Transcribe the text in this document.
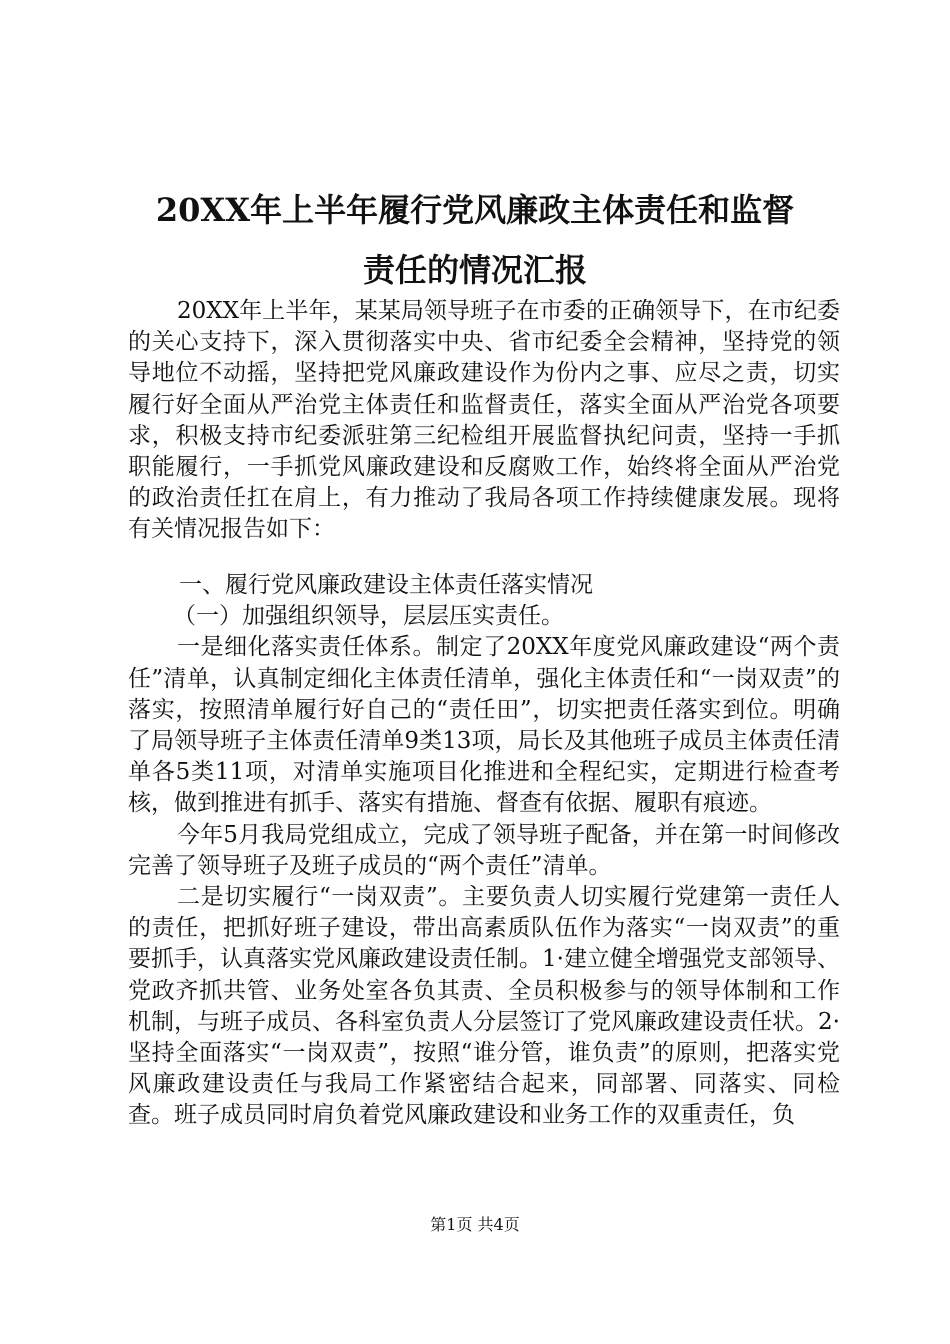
20XX年上半年履行党风廉政主体责任和监督
责任的情况汇报

20XX年上半年，某某局领导班子在市委的正确领导下，在市纪委的关心支持下，深入贯彻落实中央、省市纪委全会精神，坚持党的领导地位不动摇，坚持把党风廉政建设作为份内之事、应尽之责，切实履行好全面从严治党主体责任和监督责任，落实全面从严治党各项要求，积极支持市纪委派驻第三纪检组开展监督执纪问责，坚持一手抓职能履行，一手抓党风廉政建设和反腐败工作，始终将全面从严治党的政治责任扛在肩上，有力推动了我局各项工作持续健康发展。现将有关情况报告如下：

一、履行党风廉政建设主体责任落实情况

（一）加强组织领导，层层压实责任。

一是细化落实责任体系。制定了20XX年度党风廉政建设“两个责任”清单，认真制定细化主体责任清单，强化主体责任和“一岗双责”的落实，按照清单履行好自己的“责任田”，切实把责任落实到位。明确了局领导班子主体责任清单9类13项，局长及其他班子成员主体责任清单各5类11项，对清单实施项目化推进和全程纪实，定期进行检查考核，做到推进有抓手、落实有措施、督查有依据、履职有痕迹。

今年5月我局党组成立，完成了领导班子配备，并在第一时间修改完善了领导班子及班子成员的“两个责任”清单。

二是切实履行“一岗双责”。主要负责人切实履行党建第一责任人的责任，把抓好班子建设，带出高素质队伍作为落实“一岗双责”的重要抓手，认真落实党风廉政建设责任制。1·建立健全增强党支部领导、党政齐抓共管、业务处室各负其责、全员积极参与的领导体制和工作机制，与班子成员、各科室负责人分层签订了党风廉政建设责任状。2·坚持全面落实“一岗双责”，按照“谁分管，谁负责”的原则，把落实党风廉政建设责任与我局工作紧密结合起来，同部署、同落实、同检查。班子成员同时肩负着党风廉政建设和业务工作的双重责任，负

第1页 共4页
